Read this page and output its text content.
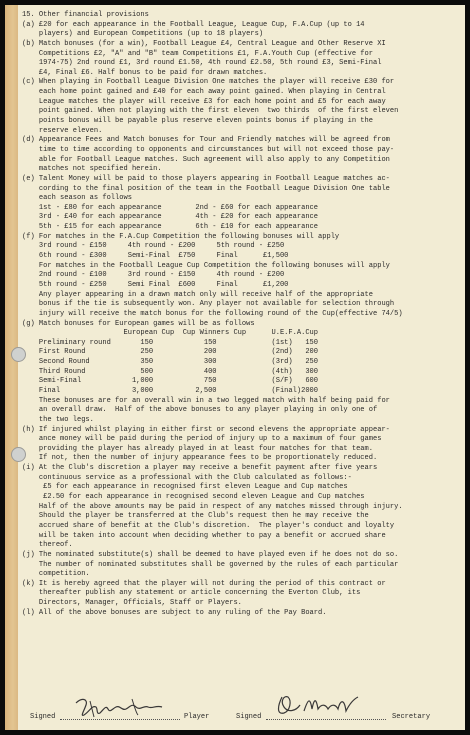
15. Other financial provisions
(a) £20 for each appearance in the Football League, League Cup, F.A.Cup (up to 14
players) and European Competitions (up to 18 players)
(b) Match bonuses (for a win), Football League £4, Central League and Other Reserve XI
Competitions £2, "A" and "B" team Competitions £1, F.A.Youth Cup (effective for
1974-75) 2nd round £1, 3rd round £1.50, 4th round £2.50, 5th round £3, Semi-Final
£4, Final £6. Half bonus to be paid for drawn matches.
(c) When playing in Football League Division One matches the player will receive £30 for
each home point gained and £40 for each away point gained. When playing in Central
League matches the player will receive £3 for each home point and £5 for each away
point gained. When not playing with the first eleven  two thirds  of the first eleven
points bonus will be payable plus reserve eleven points bonus if playing in the
reserve eleven.
(d) Appearance Fees and Match bonuses for Tour and Friendly matches will be agreed from
time to time according to opponents and circumstances but will not exceed those pay-
able for Football League matches. Such agreement will also apply to any Competition
matches not specified herein.
(e) Talent Money will be paid to those players appearing in Football League matches ac-
cording to the final position of the team in the Football League Division One table
each season as follows
1st - £80 for each appearance        2nd - £60 for each appearance
3rd - £40 for each appearance        4th - £20 for each appearance
5th - £15 for each appearance        6th - £10 for each appearance
(f) For matches in the F.A.Cup Competition the following bonuses will apply
3rd round - £150     4th round - £200     5th round - £250
6th round - £300     Semi-Final  £750     Final      £1,500
For matches in the Football League Cup Competition the following bonuses will apply
2nd round - £100     3rd round - £150     4th round - £200
5th round - £250     Semi Final  £600     Final      £1,200
Any player appearing in a drawn match only will receive half of the appropriate
bonus if the tie is subsequently won. Any player not available for selection through
injury will receive the match bonus for the following round of the Cup(effective 74/5)
(g) Match bonuses for European games will be as follows
European Cup  Cup Winners Cup      U.E.F.A.Cup
Preliminary round       150            150             (1st)   150
First Round             250            200             (2nd)   200
Second Round            350            300             (3rd)   250
Third Round             500            400             (4th)   300
Semi-Final            1,000            750             (S/F)   600
Final                 3,000          2,500             (Final)2000
These bonuses are for an overall win in a two legged match with half being paid for
an overall draw.  Half of the above bonuses to any player playing in only one of
the two legs.
(h) If injured whilst playing in either first or second elevens the appropriate appear-
ance money will be paid during the period of injury up to a maximum of four games
providing the player has already played in at least four matches for that team.
If not, then the number of injury appearance fees to be proportionately reduced.
(i) At the Club's discretion a player may receive a benefit payment after five years
continuous service as a professional with the Club calculated as follows:-
£5 for each appearance in recognised first eleven League and Cup matches
£2.50 for each appearance in recognised second eleven League and Cup matches
Half of the above amounts may be paid in respect of any matches missed through injury.
Should the player be transferred at the Club's request then he may receive the
accrued share of benefit at the Club's discretion.  The player's conduct and loyalty
will be taken into account when deciding whether to pay a benefit or accrued share
thereof.
(j) The nominated substitute(s) shall be deemed to have played even if he does not do so.
The number of nominated substitutes shall be governed by the rules of each particular
competition.
(k) It is hereby agreed that the player will not during the period of this contract or
thereafter publish any statement or article concerning the Everton Club, its
Directors, Manager, Officials, Staff or Players.
(l) All of the above bonuses are subject to any ruling of the Pay Board.
Signed	Player	Signed	Secretary
